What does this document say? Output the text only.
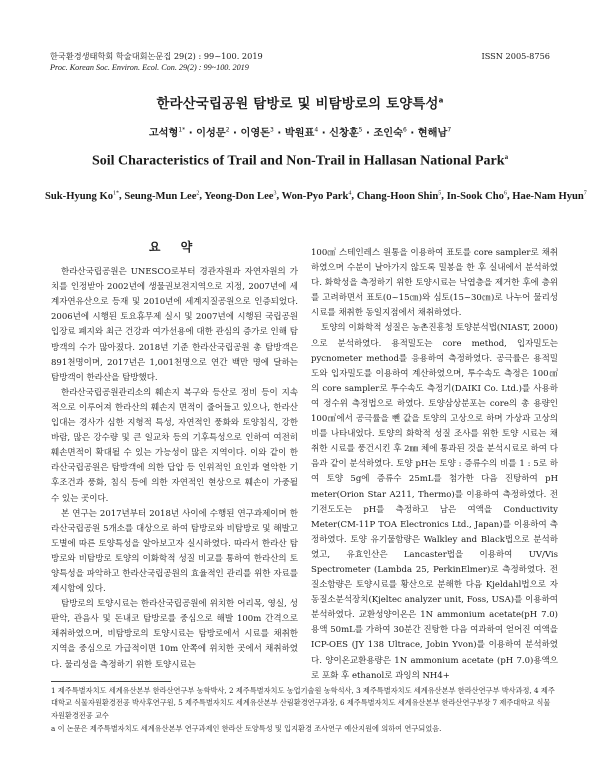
한국환경생태학회 학술대회논문집 29(2) : 99~100. 2019	ISSN 2005-8756
Proc. Korean Soc. Environ. Ecol. Con. 29(2) : 99~100. 2019
한라산국립공원 탐방로 및 비탐방로의 토양특성$^a$
고석형$^{1*}$ · 이성문$^2$ · 이영돈$^3$ · 박원표$^4$ · 신창훈$^5$ · 조인숙$^6$ · 현해남$^7$
Soil Characteristics of Trail and Non-Trail in Hallasan National Park$^a$
Suk-Hyung $Ko^{1*}$, Seung-Mun Lee$^2$, Yeong-Don Lee$^3$, Won-Pyo Park$^4$, Chang-Hoon Shin$^5$, In-Sook Cho$^6$, Hae-Nam Hyun$^7$
요 약

한라산국립공원은 UNESCO로부터 경관자원과 자연자원의 가치를 인정받아 2002년에 생물권보전지역으로 지정, 2007년에 세계자연유산으로 등재 및 2010년에 세계지질공원으로 인증되었다. 2006년에 시행된 토요휴무제 실시 및 2007년에 시행된 국립공원 입장료 폐지와 최근 건강과 여가선용에 대한 관심의 증가로 인해 탐방객의 수가 많아졌다. 2018년 기준 한라산국립공원 총 탐방객은 891천명이며, 2017년은 1,001천명으로 연간 백만 명에 달하는 탐방객이 한라산을 탐방했다.

한라산국립공원관리소의 훼손지 복구와 등산로 정비 등이 지속적으로 이루어져 한라산의 훼손지 면적이 줄어들고 있으나, 한라산입대는 경사가 심한 지형적 특성, 자연적인 풍화와 토양침식, 강한 바람, 많은 강수량 및 큰 일교차 등의 기후특성으로 인하여 여전히 훼손면적이 확대될 수 있는 가능성이 많은 지역이다. 이와 같이 한라산국립공원은 탐방객에 의한 답압 등 인위적인 요인과 열악한 기후조건과 풍화, 침식 등에 의한 자연적인 현상으로 훼손이 가중될 수 있는 곳이다.

본 연구는 2017년부터 2018년 사이에 수행된 연구과제이며 한라산국립공원 5개소를 대상으로 하여 탐방로와 비탐방로 및 해발고도별에 따른 토양특성을 알아보고자 실시하였다. 따라서 한라산 탐방로와 비탐방로 토양의 이화학적 성질 비교를 통하여 한라산의 토양특성을 파악하고 한라산국립공원의 효율적인 관리를 위한 자료를 제시함에 있다.

탐방로의 토양시료는 한라산국립공원에 위치한 어리목, 영실, 성판악, 관음사 및 돈내코 탐방로를 중심으로 해발 100m 간격으로 채취하였으며, 비탐방로의 토양시료는 탐방로에서 시료를 채취한 지역을 중심으로 가급적이면 10m 안쪽에 위치한 곳에서 채취하였다. 물리성을 측정하기 위한 토양시료는

100㎤ 스테인레스 원통을 이용하여 표토를 core sampler로 채취하였으며 수분이 날아가지 않도록 밀봉을 한 후 실내에서 분석하였다. 화학성을 측정하기 위한 토양시료는 낙엽층을 제거한 후에 층위를 고려하면서 표토(0~15㎝)와 심토(15~30㎝)로 나누어 물리성 시료를 채취한 동일지점에서 채취하였다.

토양의 이화학적 성질은 농촌진흥청 토양분석법(NIAST, 2000)으로 분석하였다. 용적밀도는 core method, 입자밀도는 pycnometer method를 응용하여 측정하였다. 공극률은 용적밀도와 입자밀도를 이용하여 계산하였으며, 투수속도 측정은 100㎤의 core sampler로 투수속도 측정기(DAIKI Co. Ltd.)를 사용하여 정수위 측정법으로 하였다. 토양삼상분포는 core의 총 용량인 100㎤에서 공극률을 뺀 값을 토양의 고상으로 하며 가상과 고상의 비를 나타내었다. 토양의 화학적 성질 조사를 위한 토양 시료는 채취한 시료를 풍건시킨 후 2㎜ 체에 통과된 것을 분석시료로 하여 다음과 같이 분석하였다. 토양 pH는 토양 : 증류수의 비를 1 : 5로 하여 토양 5g에 증류수 25mL를 첨가한 다음 진탕하여 pH meter(Orion Star A211, Thermo)를 이용하여 측정하였다. 전기전도도는 pH를 측정하고 남은 여액을 Conductivity Meter(CM-11P TOA Electronics Ltd., Japan)를 이용하여 측정하였다. 토양 유기물함량은 Walkley and Black법으로 분석하였고, 유효인산은 Lancaster법을 이용하여 UV/Vis Spectrometer (Lambda 25, PerkinElmer)로 측정하였다. 전질소함량은 토양시료를 황산으로 분해한 다음 Kjeldahl법으로 자동질소분석장치(Kjeltec analyzer unit, Foss, USA)를 이용하여 분석하였다. 교환성양이온은 1N ammonium acetate(pH 7.0)용액 50mL를 가하여 30분간 진탕한 다음 여과하여 얻어진 여액을 ICP-OES (JY 138 Ultrace, Jobin Yvon)를 이용하여 분석하였다. 양이온교환용량은 1N ammonium acetate (pH 7.0)용액으로 포화 후 ethanol로 과잉의 NH4+

1 제주특별자치도 세계유산본부 한라산연구부 농학박사, 2 제주특별자치도 농업기술원 농학석사, 3 제주특별자치도 세계유산본부 한라산연구부 박사과정, 4 제주대학교 식물자원환경전공 박사후연구원, 5 제주특별자치도 세계유산본부 산림환경연구과장, 6 제주특별자치도 세계유산본부 한라산연구부장 7 제주대학교 식물자원환경전공 교수
a 이 논문은 제주특별자치도 세계유산본부 연구과제인 한라산 토양특성 및 입지환경 조사연구 예산지원에 의하여 연구되었음.
